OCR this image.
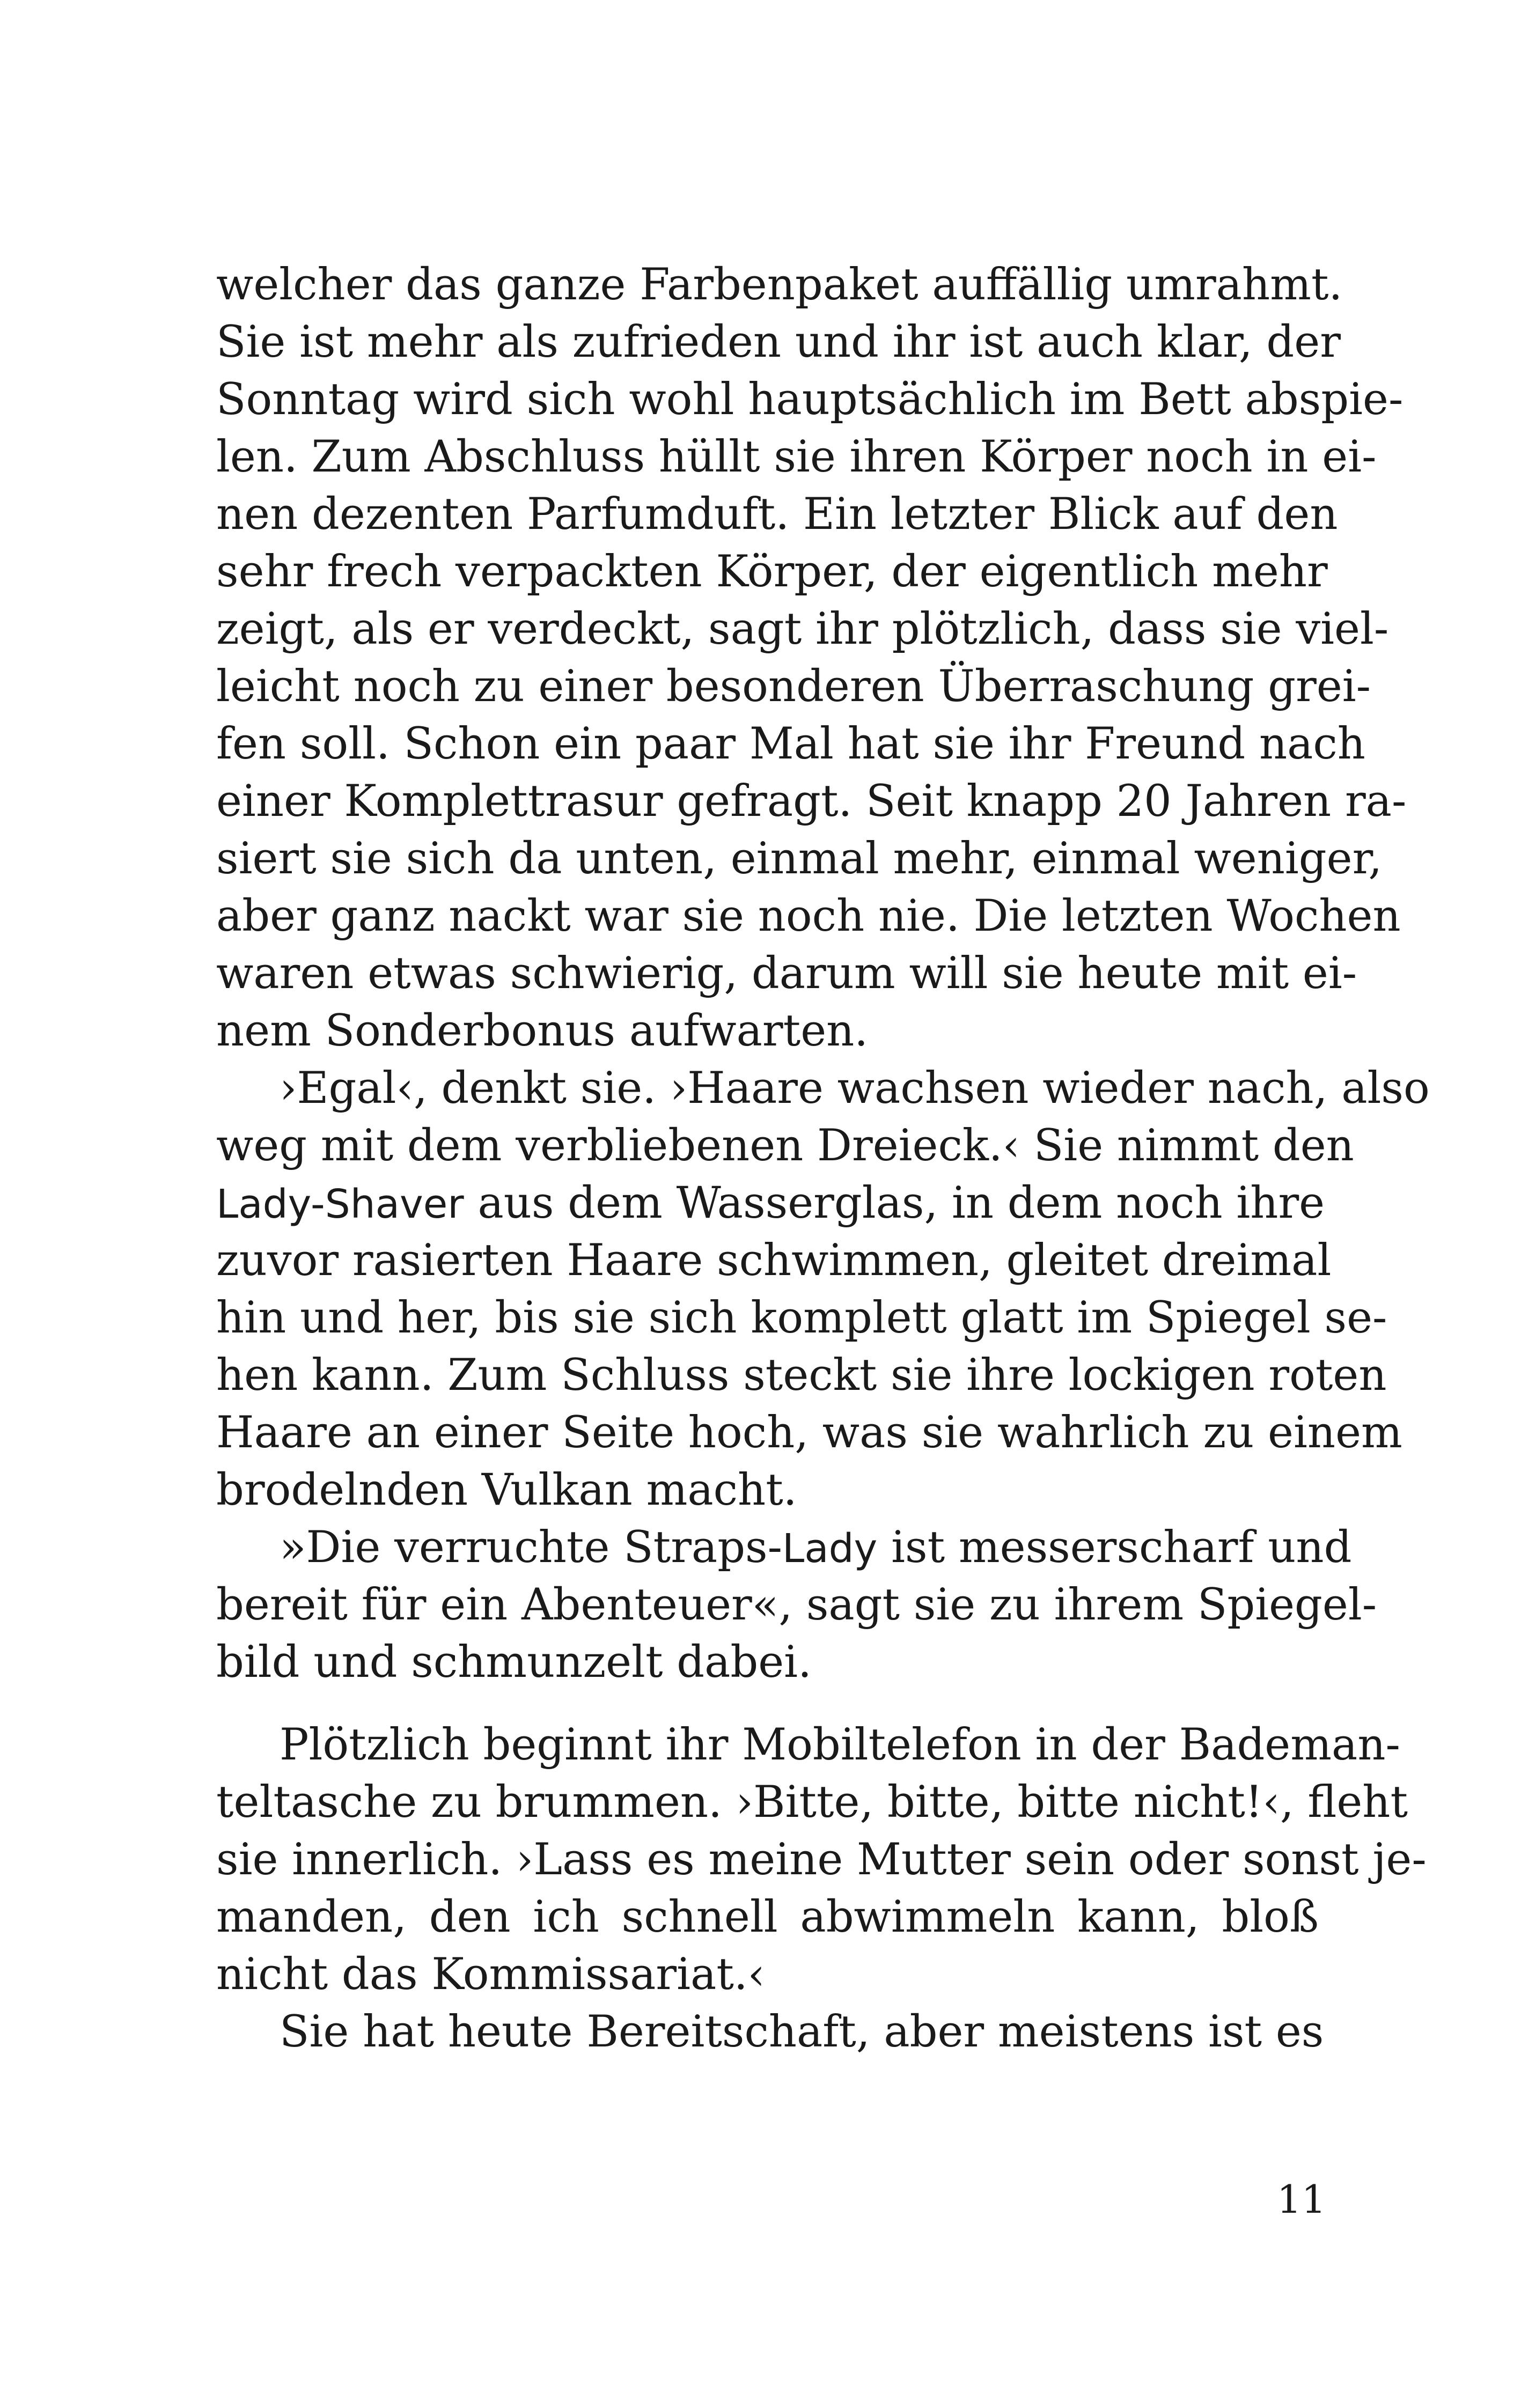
welcher das ganze Farbenpaket auffällig umrahmt.
Sie ist mehr als zufrieden und ihr ist auch klar, der
Sonntag wird sich wohl hauptsächlich im Bett abspie-
len. Zum Abschluss hüllt sie ihren Körper noch in ei-
nen dezenten Parfumduft. Ein letzter Blick auf den
sehr frech verpackten Körper, der eigentlich mehr
zeigt, als er verdeckt, sagt ihr plötzlich, dass sie viel-
leicht noch zu einer besonderen Überraschung grei-
fen soll. Schon ein paar Mal hat sie ihr Freund nach
einer Komplettrasur gefragt. Seit knapp 20 Jahren ra-
siert sie sich da unten, einmal mehr, einmal weniger,
aber ganz nackt war sie noch nie. Die letzten Wochen
waren etwas schwierig, darum will sie heute mit ei-
nem Sonderbonus aufwarten.
›Egal‹, denkt sie. ›Haare wachsen wieder nach, also
weg mit dem verbliebenen Dreieck.‹ Sie nimmt den
Lady-Shaver aus dem Wasserglas, in dem noch ihre
zuvor rasierten Haare schwimmen, gleitet dreimal
hin und her, bis sie sich komplett glatt im Spiegel se-
hen kann. Zum Schluss steckt sie ihre lockigen roten
Haare an einer Seite hoch, was sie wahrlich zu einem
brodelnden Vulkan macht.
»Die verruchte Straps-Lady ist messerscharf und
bereit für ein Abenteuer«, sagt sie zu ihrem Spiegel-
bild und schmunzelt dabei.
Plötzlich beginnt ihr Mobiltelefon in der Bademan-
teltasche zu brummen. ›Bitte, bitte, bitte nicht!‹, fleht
sie innerlich. ›Lass es meine Mutter sein oder sonst je-
manden, den ich schnell abwimmeln kann, bloß
nicht das Kommissariat.‹
Sie hat heute Bereitschaft, aber meistens ist es
11
